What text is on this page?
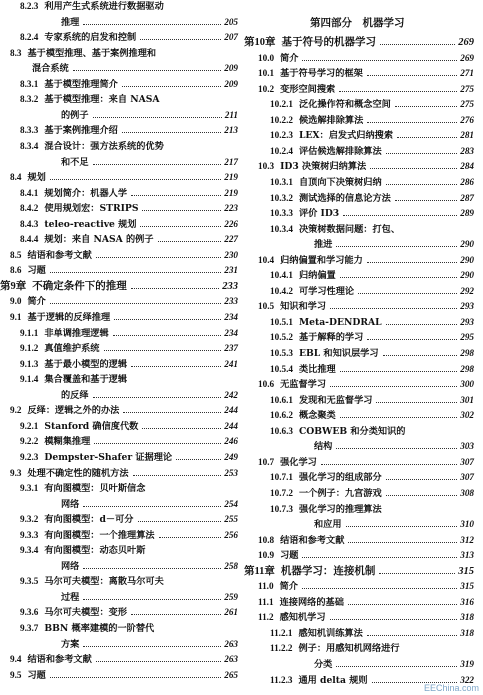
8.2.3 利用产生式系统进行数据驱动
推理	205
8.2.4 专家系统的启发和控制	207
8.3 基于模型推理、基于案例推理和
混合系统	209
8.3.1 基于模型推理简介	209
8.3.2 基于模型推理：来自 NASA
的例子	211
8.3.3 基于案例推理介绍	213
8.3.4 混合设计：强方法系统的优势
和不足	217
8.4 规划	219
8.4.1 规划简介：机器人学	219
8.4.2 使用规划宏：STRIPS	223
8.4.3 teleo-reactive 规划	226
8.4.4 规划：来自 NASA 的例子	227
8.5 结语和参考文献	230
8.6 习题	231
第9章 不确定条件下的推理	233
9.0 简介	233
9.1 基于逻辑的反绎推理	234
9.1.1 非单调推理逻辑	234
9.1.2 真值维护系统	237
9.1.3 基于最小模型的逻辑	241
9.1.4 集合覆盖和基于逻辑
的反绎	242
9.2 反绎：逻辑之外的办法	244
9.2.1 Stanford 确信度代数	244
9.2.2 模糊集推理	246
9.2.3 Dempster-Shafer 证据理论	249
9.3 处理不确定性的随机方法	253
9.3.1 有向图模型：贝叶斯信念
网络	254
9.3.2 有向图模型：d－可分	255
9.3.3 有向图模型：一个推理算法	256
9.3.4 有向图模型：动态贝叶斯
网络	258
9.3.5 马尔可夫模型：离散马尔可夫
过程	259
9.3.6 马尔可夫模型：变形	261
9.3.7 BBN 概率建模的一阶替代
方案	263
9.4 结语和参考文献	263
9.5 习题	265
第四部分　机器学习
第10章 基于符号的机器学习	269
10.0 简介	269
10.1 基于符号学习的框架	271
10.2 变形空间搜索	275
10.2.1 泛化操作符和概念空间	275
10.2.2 候选解排除算法	276
10.2.3 LEX：启发式归纳搜索	281
10.2.4 评估候选解排除算法	283
10.3 ID3 决策树归纳算法	284
10.3.1 自顶向下决策树归纳	286
10.3.2 测试选择的信息论方法	287
10.3.3 评价 ID3	289
10.3.4 决策树数据问题：打包、
推进	290
10.4 归纳偏置和学习能力	290
10.4.1 归纳偏置	290
10.4.2 可学习性理论	292
10.5 知识和学习	293
10.5.1 Meta-DENDRAL	293
10.5.2 基于解释的学习	295
10.5.3 EBL 和知识层学习	298
10.5.4 类比推理	298
10.6 无监督学习	300
10.6.1 发现和无监督学习	301
10.6.2 概念聚类	302
10.6.3 COBWEB 和分类知识的
结构	303
10.7 强化学习	307
10.7.1 强化学习的组成部分	307
10.7.2 一个例子：九宫游戏	308
10.7.3 强化学习的推理算法
和应用	310
10.8 结语和参考文献	312
10.9 习题	313
第11章 机器学习：连接机制	315
11.0 简介	315
11.1 连接网络的基础	316
11.2 感知机学习	318
11.2.1 感知机训练算法	318
11.2.2 例子：用感知机网络进行
分类	319
11.2.3 通用 delta 规则	322
EEChina.com
